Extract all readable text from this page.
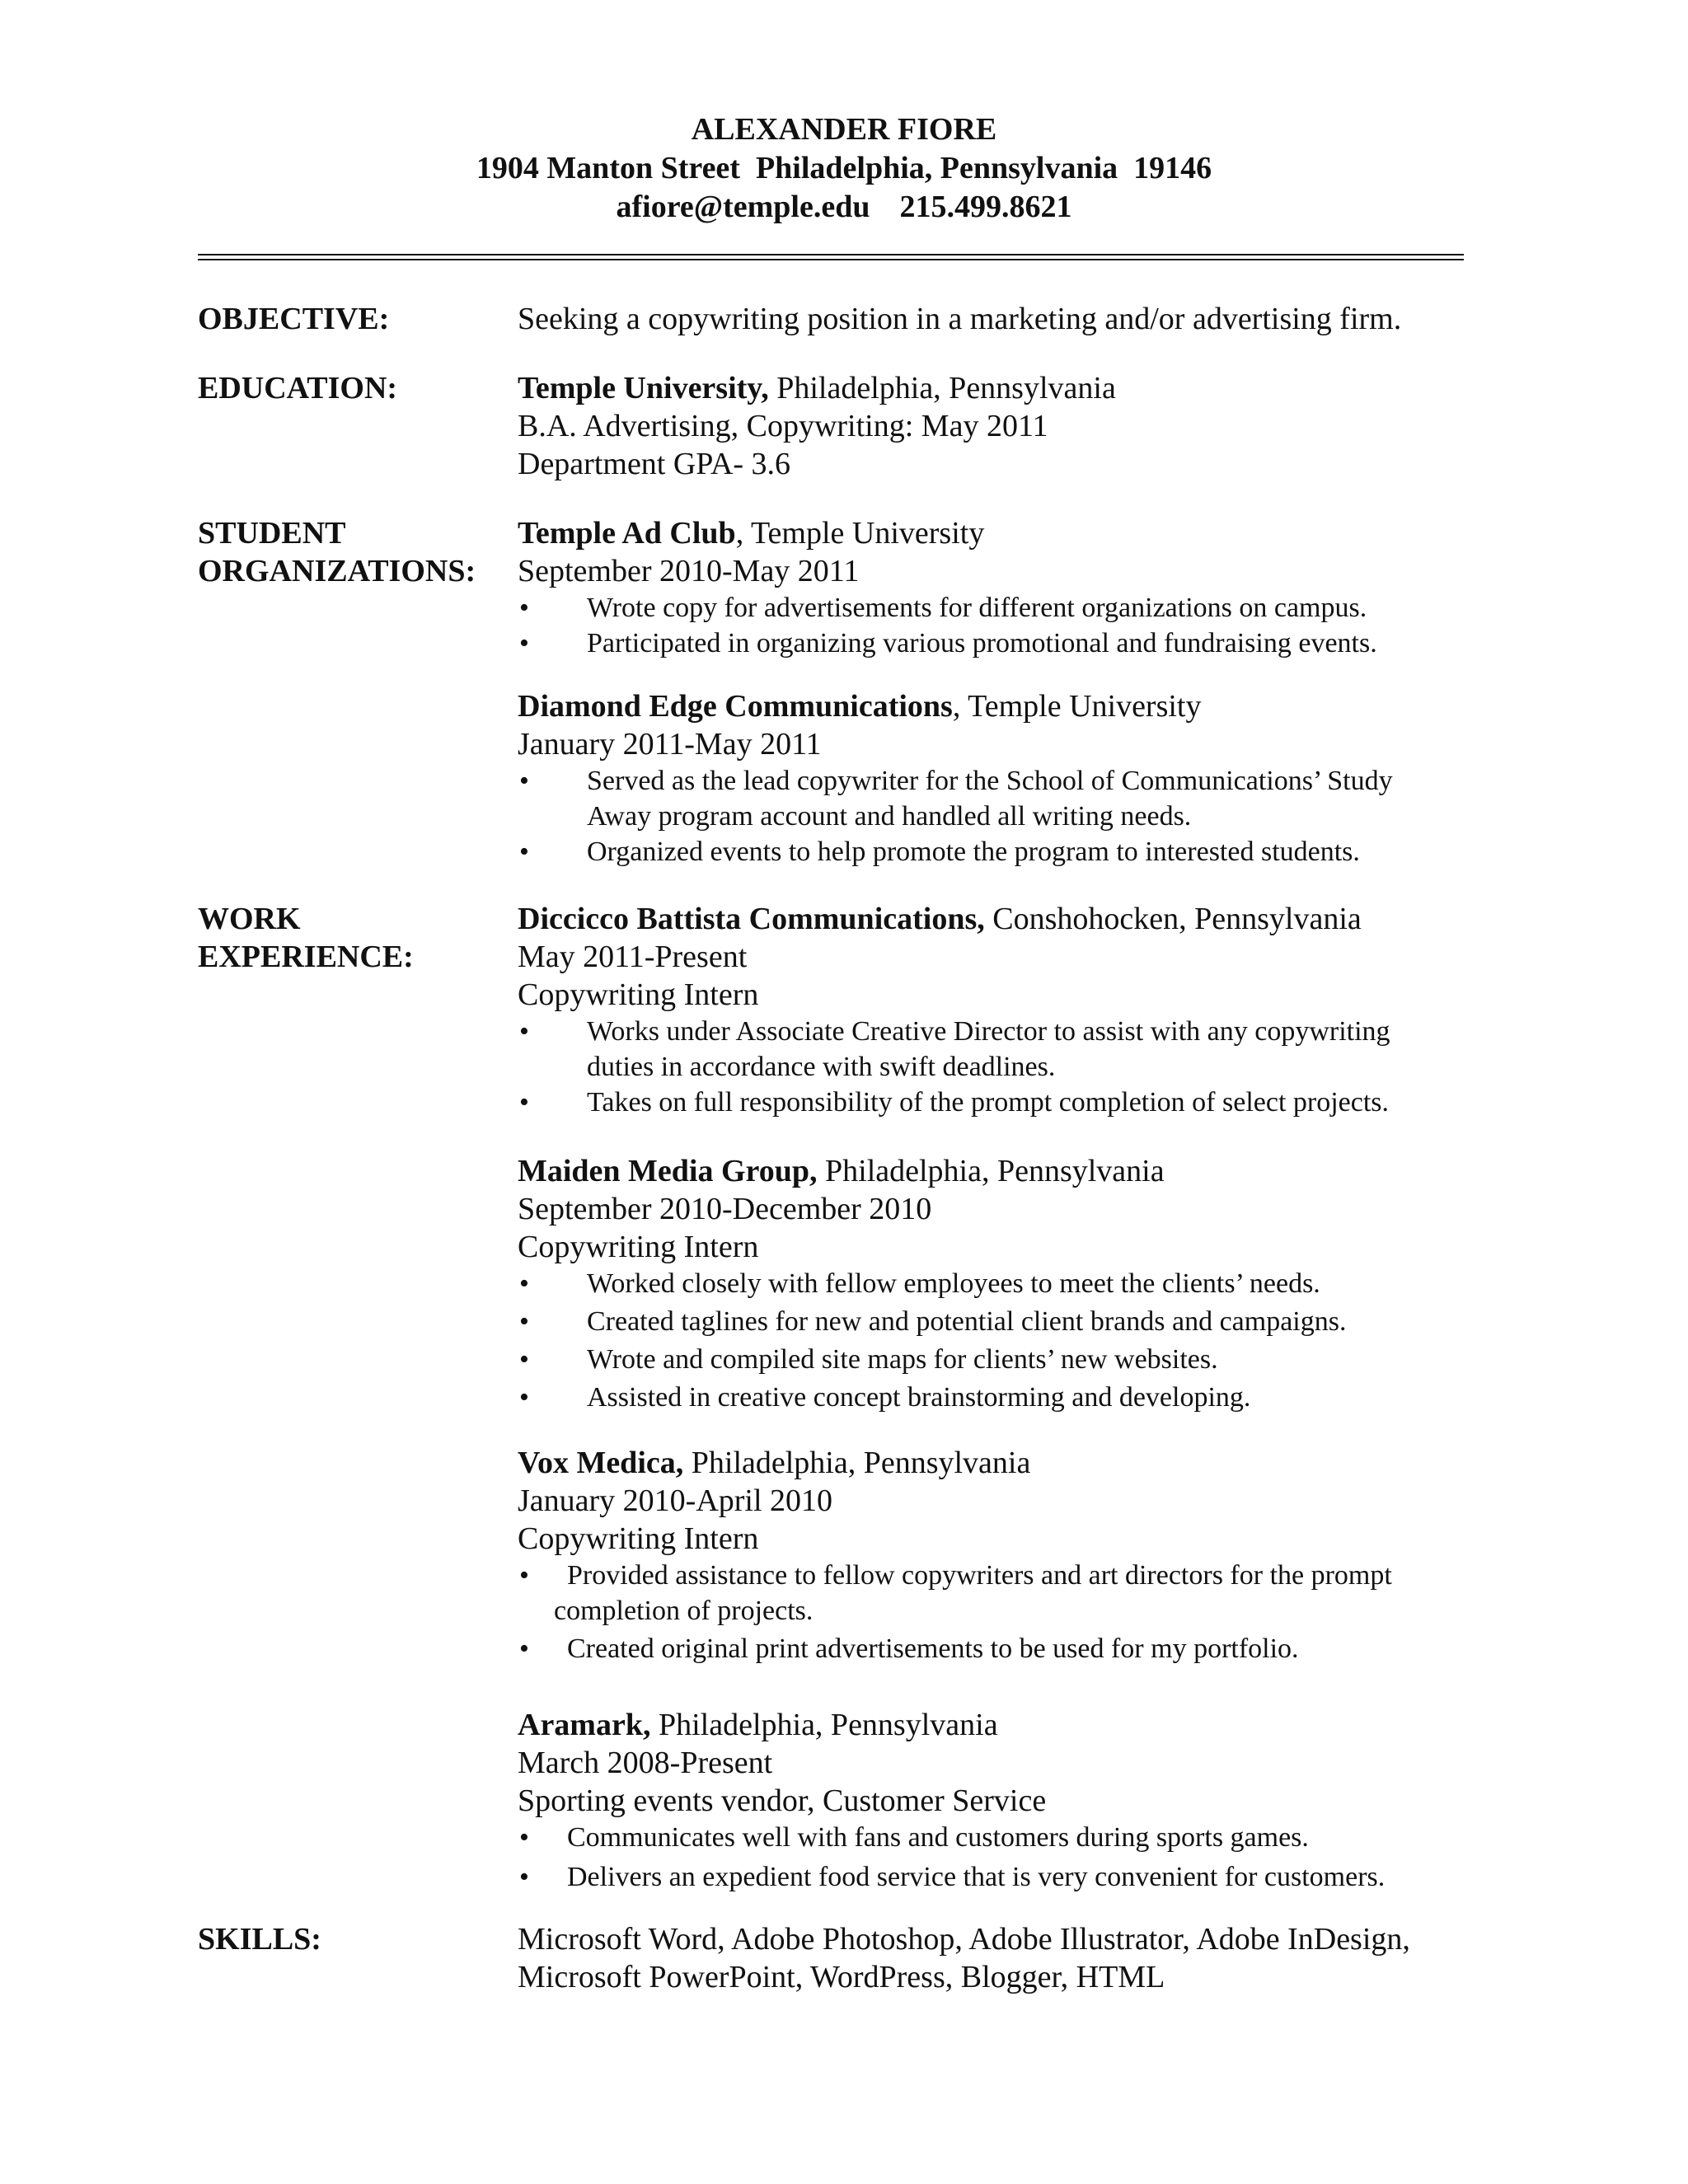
ALEXANDER FIORE
1904 Manton Street  Philadelphia, Pennsylvania  19146
afiore@temple.edu 215.499.8621
OBJECTIVE:	Seeking a copywriting position in a marketing and/or advertising firm.
EDUCATION:	Temple University, Philadelphia, Pennsylvania
B.A. Advertising, Copywriting: May 2011
Department GPA- 3.6
STUDENT
ORGANIZATIONS:
Temple Ad Club, Temple University
September 2010-May 2011
• Wrote copy for advertisements for different organizations on campus.
• Participated in organizing various promotional and fundraising events.
Diamond Edge Communications, Temple University
January 2011-May 2011
• Served as the lead copywriter for the School of Communications’ Study Away program account and handled all writing needs.
• Organized events to help promote the program to interested students.
WORK
EXPERIENCE:
Diccicco Battista Communications, Conshohocken, Pennsylvania
May 2011-Present
Copywriting Intern
• Works under Associate Creative Director to assist with any copywriting duties in accordance with swift deadlines.
• Takes on full responsibility of the prompt completion of select projects.
Maiden Media Group, Philadelphia, Pennsylvania
September 2010-December 2010
Copywriting Intern
• Worked closely with fellow employees to meet the clients’ needs.
• Created taglines for new and potential client brands and campaigns.
• Wrote and compiled site maps for clients’ new websites.
• Assisted in creative concept brainstorming and developing.
Vox Medica, Philadelphia, Pennsylvania
January 2010-April 2010
Copywriting Intern
• Provided assistance to fellow copywriters and art directors for the prompt
completion of projects.
• Created original print advertisements to be used for my portfolio.
Aramark, Philadelphia, Pennsylvania
March 2008-Present
Sporting events vendor, Customer Service
• Communicates well with fans and customers during sports games.
• Delivers an expedient food service that is very convenient for customers.
SKILLS:	Microsoft Word, Adobe Photoshop, Adobe Illustrator, Adobe InDesign,
Microsoft PowerPoint, WordPress, Blogger, HTML
